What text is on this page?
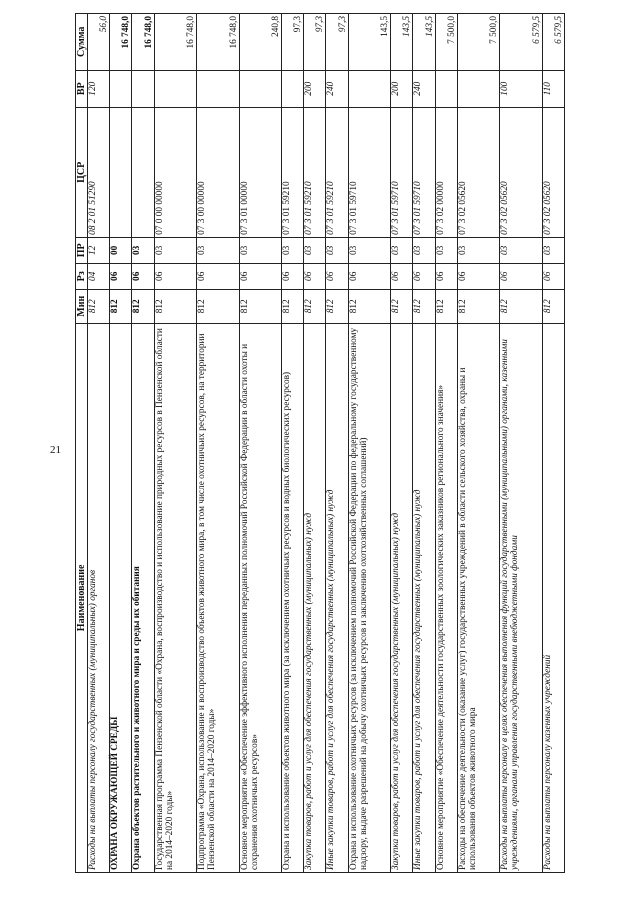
21
Наименование	Мин	Рз	ПР	ЦСР	ВР	Сумма
Расходы на выплаты персоналу государственных (муниципальных) органов	812	04	12	08 2 01 51290	120	56,0
ОХРАНА ОКРУЖАЮЩЕЙ СРЕДЫ	812	06	00			16 748,0
Охрана объектов растительного и животного мира и среды их обитания	812	06	03			16 748,0
Государственная программа Пензенской области «Охрана, воспроизводство и использование природных ресурсов в Пензенской области на 2014–2020 годы»	812	06	03	07 0 00 00000		16 748,0
Подпрограмма «Охрана, использование и воспроизводство объектов животного мира, в том числе охотничьих ресурсов, на территории Пензенской области на 2014–2020 годы»	812	06	03	07 3 00 00000		16 748,0
Основное мероприятие «Обеспечение эффективного исполнения переданных полномочий Российской Федерации в области охоты и сохранения охотничьих ресурсов»	812	06	03	07 3 01 00000		240,8
Охрана и использование объектов животного мира (за исключением охотничьих ресурсов и водных биологических ресурсов)	812	06	03	07 3 01 59210		97,3
Закупка товаров, работ и услуг для обеспечения государственных (муниципальных) нужд	812	06	03	07 3 01 59210	200	97,3
Иные закупки товаров, работ и услуг для обеспечения государственных (муниципальных) нужд	812	06	03	07 3 01 59210	240	97,3
Охрана и использование охотничьих ресурсов (за исключением полномочий Российской Федерации по федеральному государственному надзору, выдаче разрешений на добычу охотничьих ресурсов и заключению охотхозяйственных соглашений)	812	06	03	07 3 01 59710		143,5
Закупка товаров, работ и услуг для обеспечения государственных (муниципальных) нужд	812	06	03	07 3 01 59710	200	143,5
Иные закупки товаров, работ и услуг для обеспечения государственных (муниципальных) нужд	812	06	03	07 3 01 59710	240	143,5
Основное мероприятие «Обеспечение деятельности государственных зоологических заказников регионального значения»	812	06	03	07 3 02 00000		7 500,0
Расходы на обеспечение деятельности (оказание услуг) государственных учреждений в области сельского хозяйства, охраны и использования объектов животного мира	812	06	03	07 3 02 05620		7 500,0
Расходы на выплаты персоналу в целях обеспечения выполнения функций государственными (муниципальными) органами, казенными учреждениями, органами управления государственными внебюджетными фондами	812	06	03	07 3 02 05620	100	6 579,5
Расходы на выплаты персоналу казенных учреждений	812	06	03	07 3 02 05620	110	6 579,5
